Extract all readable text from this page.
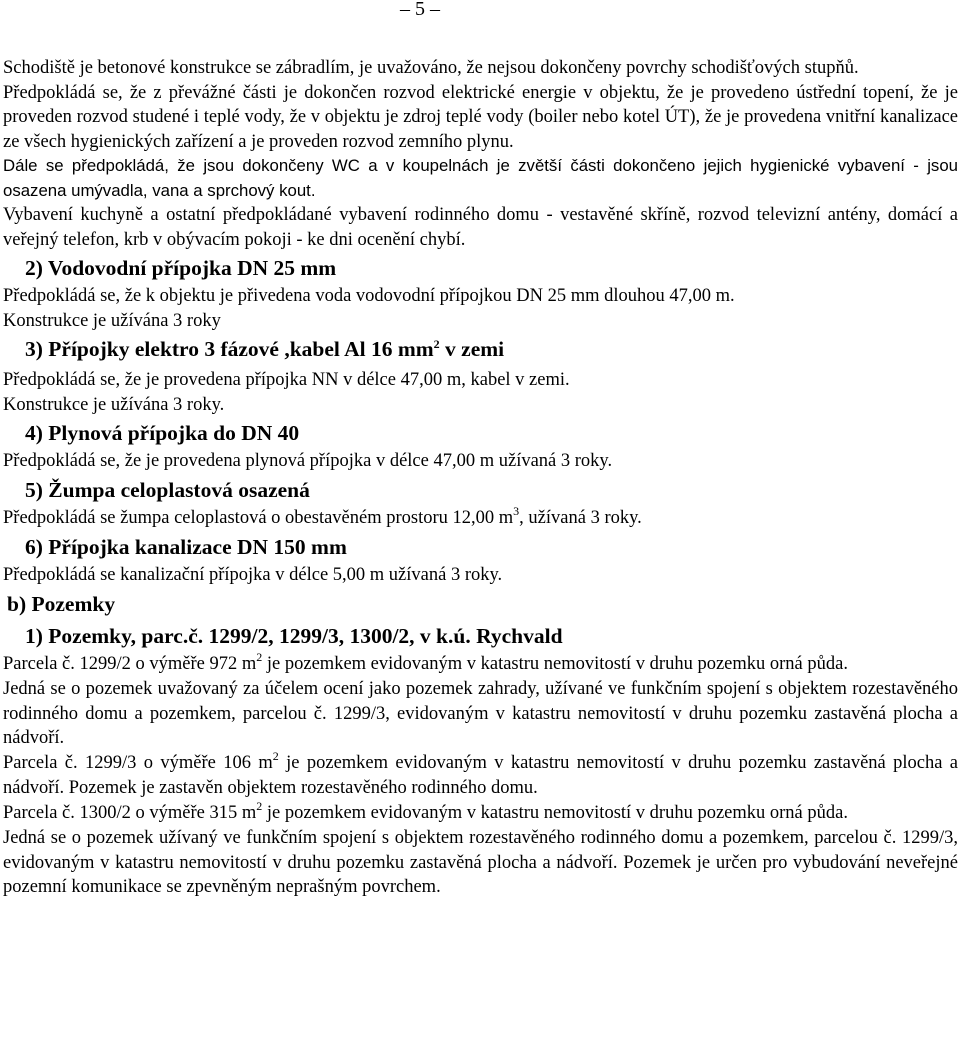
– 5 –

Schodiště je betonové konstrukce se zábradlím, je uvažováno, že nejsou dokončeny povrchy schodišťových stupňů.

Předpokládá se, že z převážné části je dokončen rozvod elektrické energie v objektu, že je provedeno ústřední topení, že je proveden rozvod studené i teplé vody, že v objektu je zdroj teplé vody (boiler nebo kotel ÚT), že je provedena vnitřní kanalizace ze všech hygienických zařízení a je proveden rozvod zemního plynu.

Dále se předpokládá, že jsou dokončeny WC a v koupelnách je zvětší části dokončeno jejich hygienické vybavení - jsou osazena umývadla, vana a sprchový kout.

Vybavení kuchyně a ostatní předpokládané vybavení rodinného domu - vestavěné skříně, rozvod televizní antény, domácí a veřejný telefon, krb v obývacím pokoji - ke dni ocenění chybí.

2) Vodovodní přípojka DN 25 mm

Předpokládá se, že k objektu je přivedena voda vodovodní přípojkou DN 25 mm dlouhou 47,00 m.

Konstrukce je užívána 3 roky

3) Přípojky elektro 3 fázové ,kabel Al 16 $mm^2$ v zemi

Předpokládá se, že je provedena přípojka NN v délce 47,00 m, kabel v zemi.

Konstrukce je užívána 3 roky.

4) Plynová přípojka do DN 40

Předpokládá se, že je provedena plynová přípojka v délce 47,00 m užívaná 3 roky.

5) Žumpa celoplastová osazená

Předpokládá se žumpa celoplastová o obestavěném prostoru 12,00 $m^3$, užívaná 3 roky.

6) Přípojka kanalizace DN 150 mm

Předpokládá se kanalizační přípojka v délce 5,00 m užívaná 3 roky.

b) Pozemky
1) Pozemky, parc.č. 1299/2, 1299/3, 1300/2, v k.ú. Rychvald

Parcela č. 1299/2 o výměře 972 $m^2$ je pozemkem evidovaným v katastru nemovitostí v druhu pozemku orná půda.

Jedná se o pozemek uvažovaný za účelem ocení jako pozemek zahrady, užívané ve funkčním spojení s objektem rozestavěného rodinného domu a pozemkem, parcelou č. 1299/3, evidovaným v katastru nemovitostí v druhu pozemku zastavěná plocha a nádvoří.

Parcela č. 1299/3 o výměře 106 $m^2$ je pozemkem evidovaným v katastru nemovitostí v druhu pozemku zastavěná plocha a nádvoří. Pozemek je zastavěn objektem rozestavěného rodinného domu.

Parcela č. 1300/2 o výměře 315 $m^2$ je pozemkem evidovaným v katastru nemovitostí v druhu pozemku orná půda.

Jedná se o pozemek užívaný ve funkčním spojení s objektem rozestavěného rodinného domu a pozemkem, parcelou č. 1299/3, evidovaným v katastru nemovitostí v druhu pozemku zastavěná plocha a nádvoří. Pozemek je určen pro vybudování neveřejné pozemní komunikace se zpevněným neprašným povrchem.
